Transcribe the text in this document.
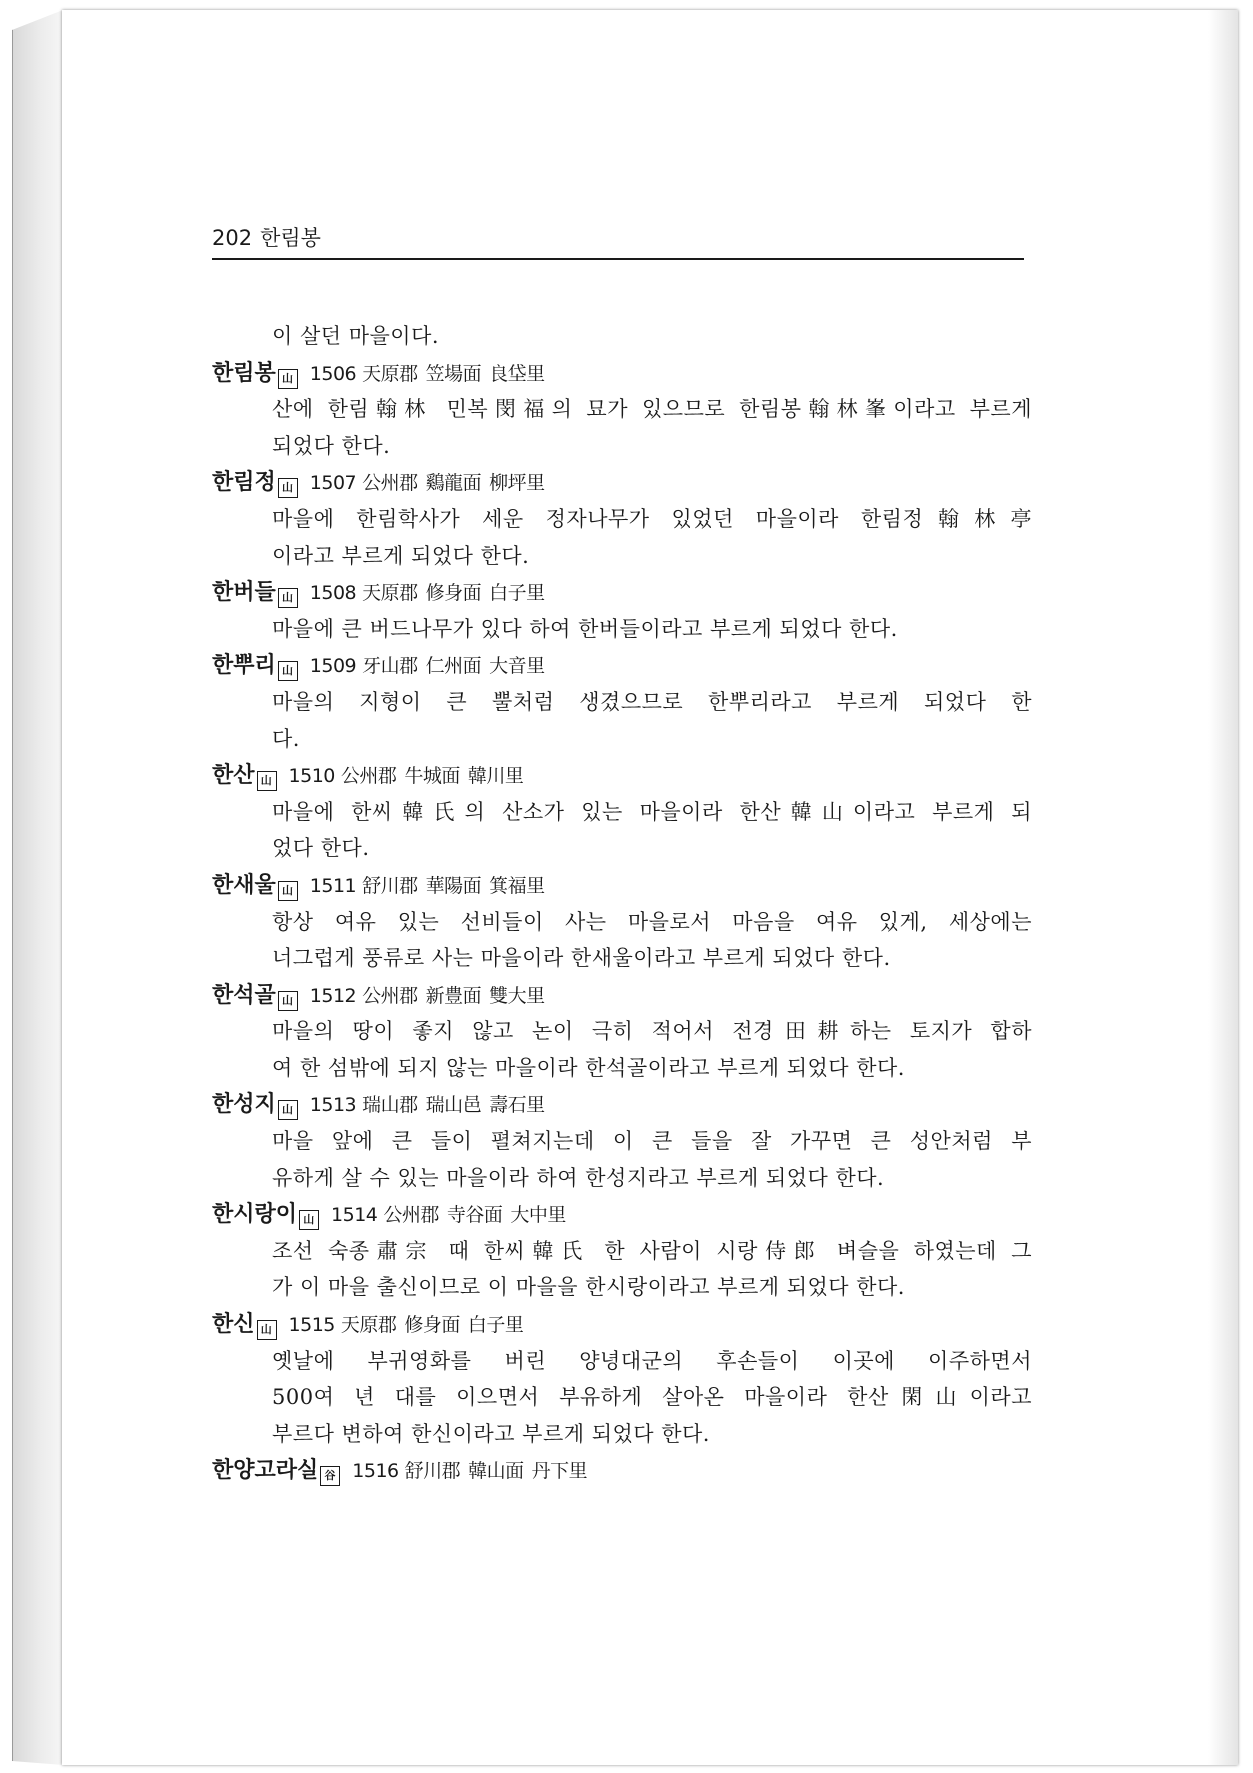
202 한림봉
이 살던 마을이다.
한림봉 山 1506 天原郡 笠場面 良垈里
산에 한림翰林 민복閔福의 묘가 있으므로 한림봉翰林峯이라고 부르게
되었다 한다.
한림정 山 1507 公州郡 鷄龍面 柳坪里
마을에 한림학사가 세운 정자나무가 있었던 마을이라 한림정翰林亭
이라고 부르게 되었다 한다.
한버들 山 1508 天原郡 修身面 白子里
마을에 큰 버드나무가 있다 하여 한버들이라고 부르게 되었다 한다.
한뿌리 山 1509 牙山郡 仁州面 大音里
마을의 지형이 큰 뿔처럼 생겼으므로 한뿌리라고 부르게 되었다 한
다.
한산 山 1510 公州郡 牛城面 韓川里
마을에 한씨韓氏의 산소가 있는 마을이라 한산韓山이라고 부르게 되
었다 한다.
한새울 山 1511 舒川郡 華陽面 箕福里
항상 여유 있는 선비들이 사는 마을로서 마음을 여유 있게, 세상에는
너그럽게 풍류로 사는 마을이라 한새울이라고 부르게 되었다 한다.
한석골 山 1512 公州郡 新豊面 雙大里
마을의 땅이 좋지 않고 논이 극히 적어서 전경田耕하는 토지가 합하
여 한 섬밖에 되지 않는 마을이라 한석골이라고 부르게 되었다 한다.
한성지 山 1513 瑞山郡 瑞山邑 壽石里
마을 앞에 큰 들이 펼쳐지는데 이 큰 들을 잘 가꾸면 큰 성안처럼 부
유하게 살 수 있는 마을이라 하여 한성지라고 부르게 되었다 한다.
한시랑이 山 1514 公州郡 寺谷面 大中里
조선 숙종肅宗 때 한씨韓氏 한 사람이 시랑侍郎 벼슬을 하였는데 그
가 이 마을 출신이므로 이 마을을 한시랑이라고 부르게 되었다 한다.
한신 山 1515 天原郡 修身面 白子里
옛날에 부귀영화를 버린 양녕대군의 후손들이 이곳에 이주하면서
500여 년 대를 이으면서 부유하게 살아온 마을이라 한산閑山이라고
부르다 변하여 한신이라고 부르게 되었다 한다.
한양고라실 谷 1516 舒川郡 韓山面 丹下里
